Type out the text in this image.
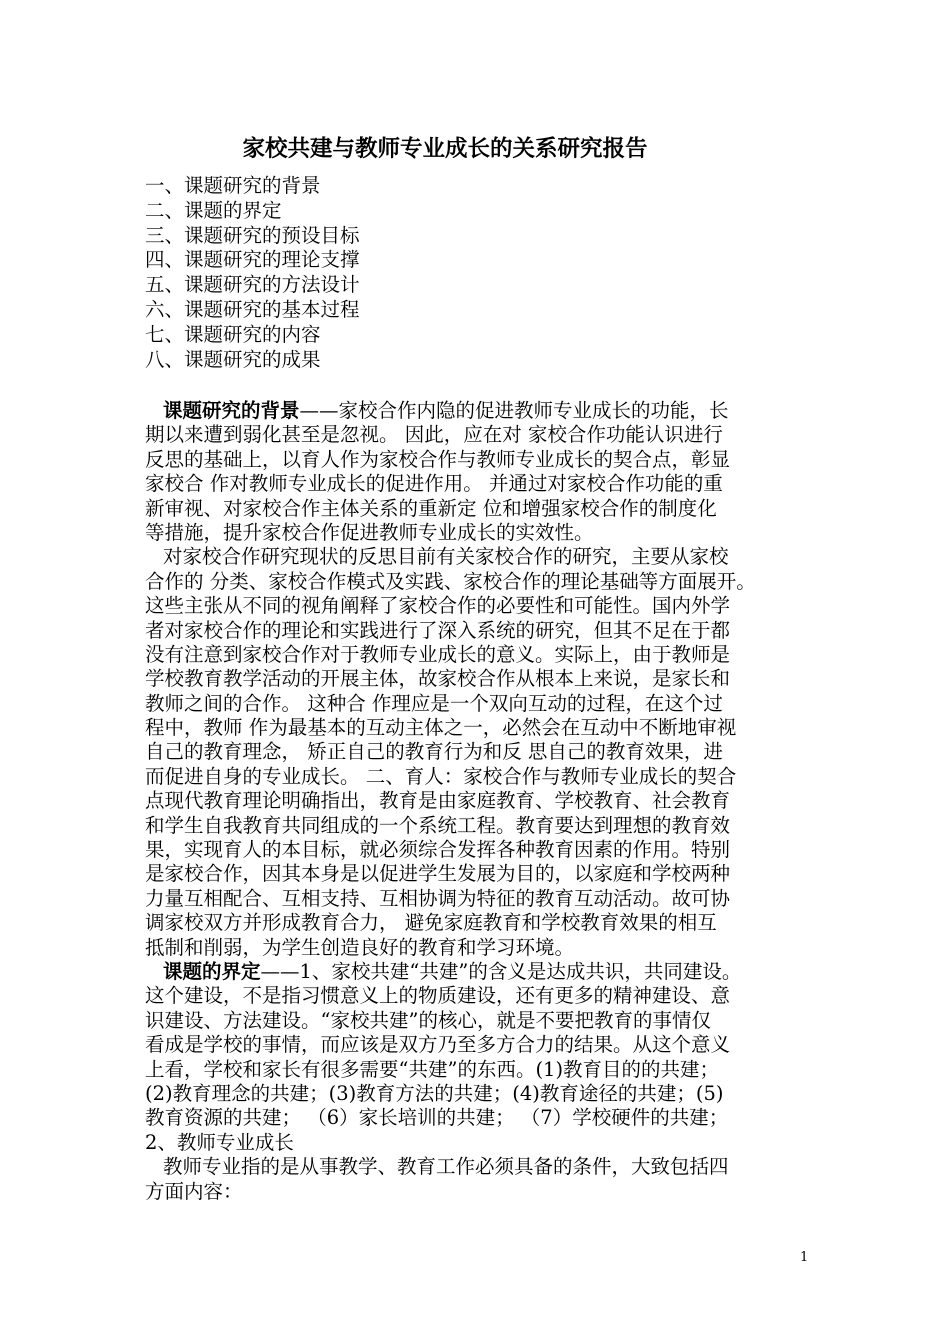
家校共建与教师专业成长的关系研究报告
一、课题研究的背景
二、课题的界定
三、课题研究的预设目标
四、课题研究的理论支撑
五、课题研究的方法设计
六、课题研究的基本过程
七、课题研究的内容
八、课题研究的成果
课题研究的背景——家校合作内隐的促进教师专业成长的功能，长
期以来遭到弱化甚至是忽视。 因此，应在对 家校合作功能认识进行
反思的基础上，以育人作为家校合作与教师专业成长的契合点，彰显
家校合 作对教师专业成长的促进作用。 并通过对家校合作功能的重
新审视、对家校合作主体关系的重新定 位和增强家校合作的制度化
等措施，提升家校合作促进教师专业成长的实效性。
对家校合作研究现状的反思目前有关家校合作的研究，主要从家校
合作的 分类、家校合作模式及实践、家校合作的理论基础等方面展开。
这些主张从不同的视角阐释了家校合作的必要性和可能性。国内外学
者对家校合作的理论和实践进行了深入系统的研究，但其不足在于都
没有注意到家校合作对于教师专业成长的意义。实际上，由于教师是
学校教育教学活动的开展主体，故家校合作从根本上来说，是家长和
教师之间的合作。 这种合 作理应是一个双向互动的过程，在这个过
程中，教师 作为最基本的互动主体之一，必然会在互动中不断地审视
自己的教育理念， 矫正自己的教育行为和反 思自己的教育效果，进
而促进自身的专业成长。 二、育人：家校合作与教师专业成长的契合
点现代教育理论明确指出，教育是由家庭教育、学校教育、社会教育
和学生自我教育共同组成的一个系统工程。教育要达到理想的教育效
果，实现育人的本目标，就必须综合发挥各种教育因素的作用。特别
是家校合作，因其本身是以促进学生发展为目的，以家庭和学校两种
力量互相配合、互相支持、互相协调为特征的教育互动活动。故可协
调家校双方并形成教育合力， 避免家庭教育和学校教育效果的相互
抵制和削弱，为学生创造良好的教育和学习环境。
课题的界定——1、家校共建“共建”的含义是达成共识，共同建设。
这个建设，不是指习惯意义上的物质建设，还有更多的精神建设、意
识建设、方法建设。“家校共建”的核心，就是不要把教育的事情仅
看成是学校的事情，而应该是双方乃至多方合力的结果。从这个意义
上看，学校和家长有很多需要“共建”的东西。(1)教育目的的共建；
(2)教育理念的共建；(3)教育方法的共建；(4)教育途径的共建；(5)
教育资源的共建； （6）家长培训的共建； （7）学校硬件的共建；
2、教师专业成长
教师专业指的是从事教学、教育工作必须具备的条件，大致包括四
方面内容：
1
